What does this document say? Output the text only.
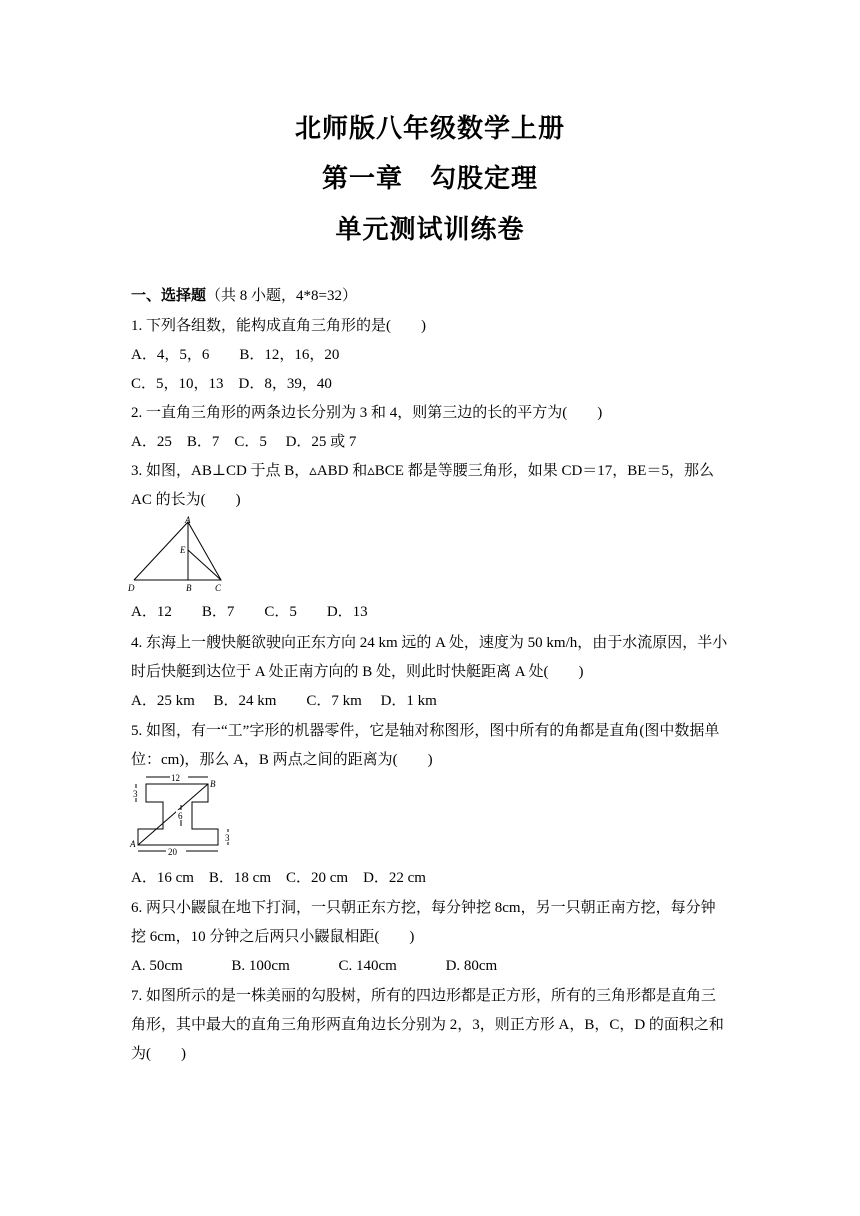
北师版八年级数学上册
第一章　勾股定理
单元测试训练卷
一、选择题（共 8 小题，4*8=32）
1. 下列各组数，能构成直角三角形的是(　　)
A．4，5，6　　B．12，16，20
C．5，10，13　D．8，39，40
2. 一直角三角形的两条边长分别为 3 和 4，则第三边的长的平方为(　　)
A．25　B．7　C．5　 D．25 或 7
3. 如图，AB⊥CD 于点 B，▵ABD 和▵BCE 都是等腰三角形，如果 CD＝17，BE＝5，那么
AC 的长为(　　)
A
E
D	B	C
A．12　　B．7　　C．5　　D．13
4. 东海上一艘快艇欲驶向正东方向 24 km 远的 A 处，速度为 50 km/h，由于水流原因，半小
时后快艇到达位于 A 处正南方向的 B 处，则此时快艇距离 A 处(　　)
A．25 km　 B．24 km　　C．7 km　 D．1 km
5. 如图，有一“工”字形的机器零件，它是轴对称图形，图中所有的角都是直角(图中数据单
位：cm)，那么 A，B 两点之间的距离为(　　)
12
3
6
3
20
A
B
A．16 cm　B．18 cm　C．20 cm　D．22 cm
6. 两只小鼹鼠在地下打洞，一只朝正东方挖，每分钟挖 8cm，另一只朝正南方挖，每分钟
挖 6cm，10 分钟之后两只小鼹鼠相距(　　)
A. 50cm　　　 B. 100cm　　　 C. 140cm　　　 D. 80cm
7. 如图所示的是一株美丽的勾股树，所有的四边形都是正方形，所有的三角形都是直角三
角形，其中最大的直角三角形两直角边长分别为 2，3，则正方形 A，B，C，D 的面积之和
为(　　)
